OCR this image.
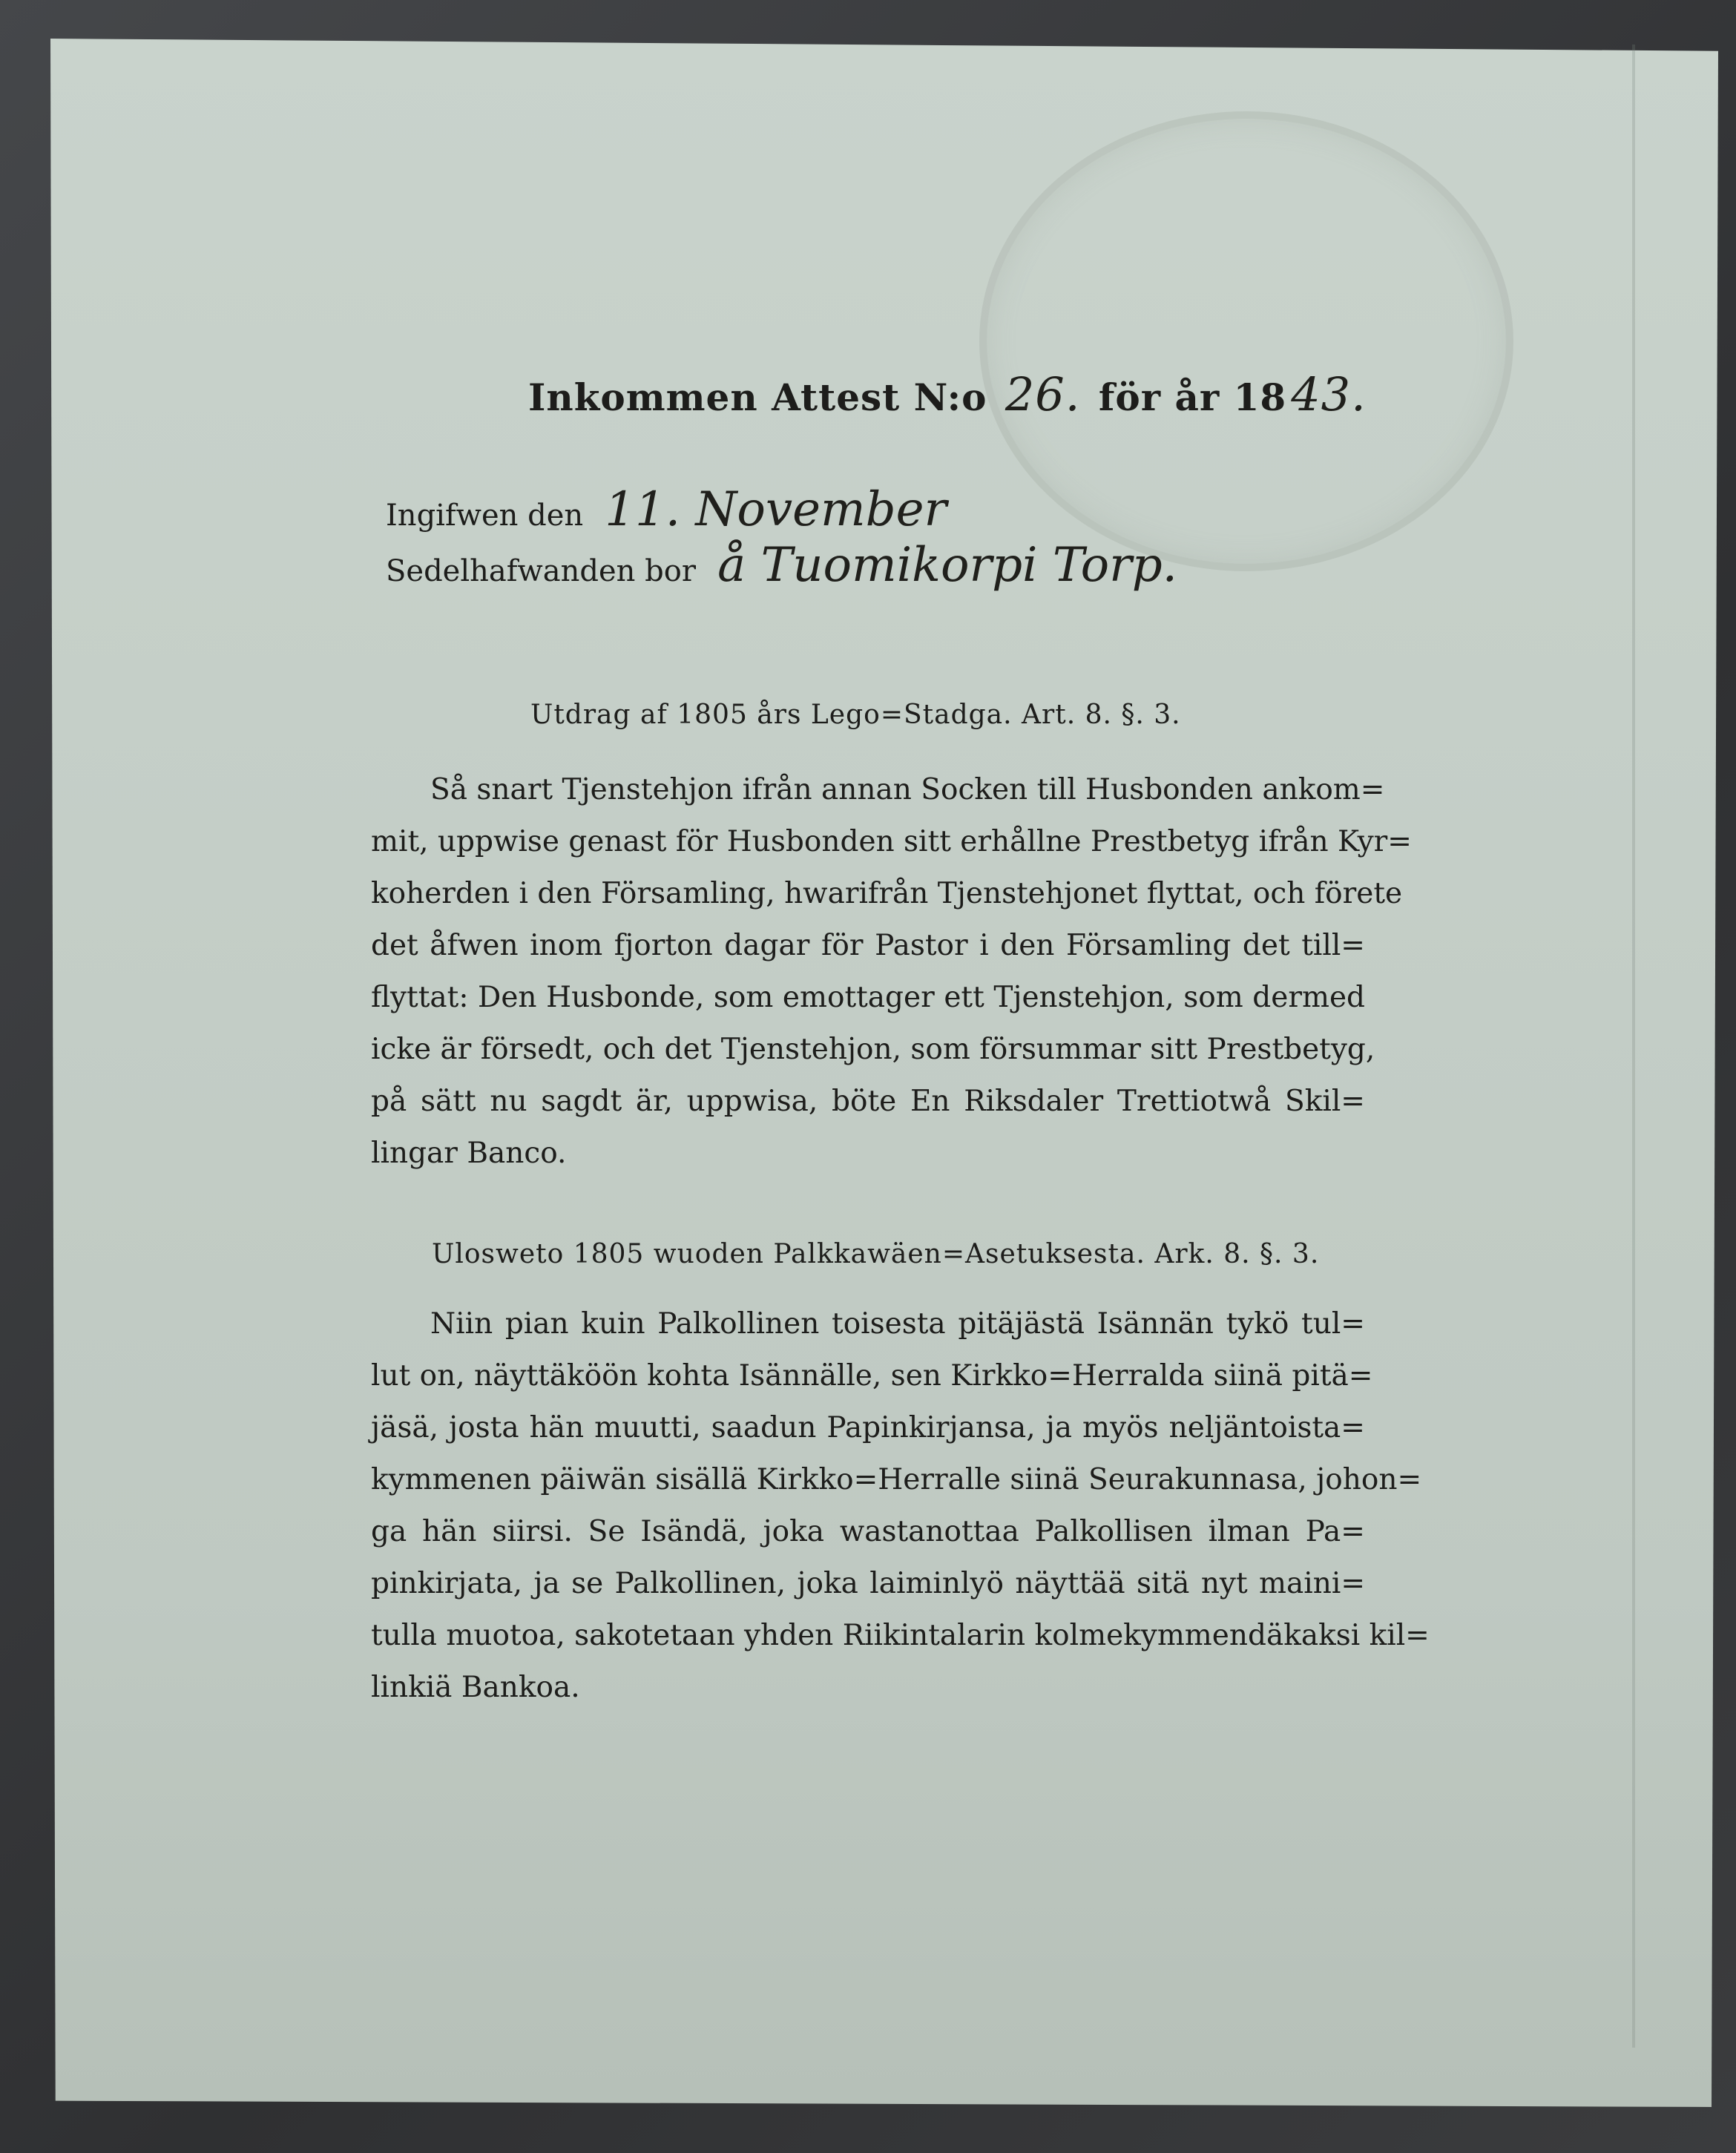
Inkommen Attest N:o 26. för år 1843.
Ingifwen den 11. November
Sedelhafwanden bor å Tuomikorpi Torp.
Utdrag af 1805 års Lego=Stadga. Art. 8. §. 3.
Så snart Tjenstehjon ifrån annan Socken till Husbonden ankom=
mit, uppwise genast för Husbonden sitt erhållne Prestbetyg ifrån Kyr=
koherden i den Församling, hwarifrån Tjenstehjonet flyttat, och förete
det åfwen inom fjorton dagar för Pastor i den Församling det till=
flyttat: Den Husbonde, som emottager ett Tjenstehjon, som dermed
icke är försedt, och det Tjenstehjon, som försummar sitt Prestbetyg,
på sätt nu sagdt är, uppwisa, böte En Riksdaler Trettiotwå Skil=
lingar Banco.
Ulosweto 1805 wuoden Palkkawäen=Asetuksesta. Ark. 8. §. 3.
Niin pian kuin Palkollinen toisesta pitäjästä Isännän tykö tul=
lut on, näyttäköön kohta Isännälle, sen Kirkko=Herralda siinä pitä=
jäsä, josta hän muutti, saadun Papinkirjansa, ja myös neljäntoista=
kymmenen päiwän sisällä Kirkko=Herralle siinä Seurakunnasa, johon=
ga hän siirsi. Se Isändä, joka wastanottaa Palkollisen ilman Pa=
pinkirjata, ja se Palkollinen, joka laiminlyö näyttää sitä nyt maini=
tulla muotoa, sakotetaan yhden Riikintalarin kolmekymmendäkaksi kil=
linkiä Bankoa.
